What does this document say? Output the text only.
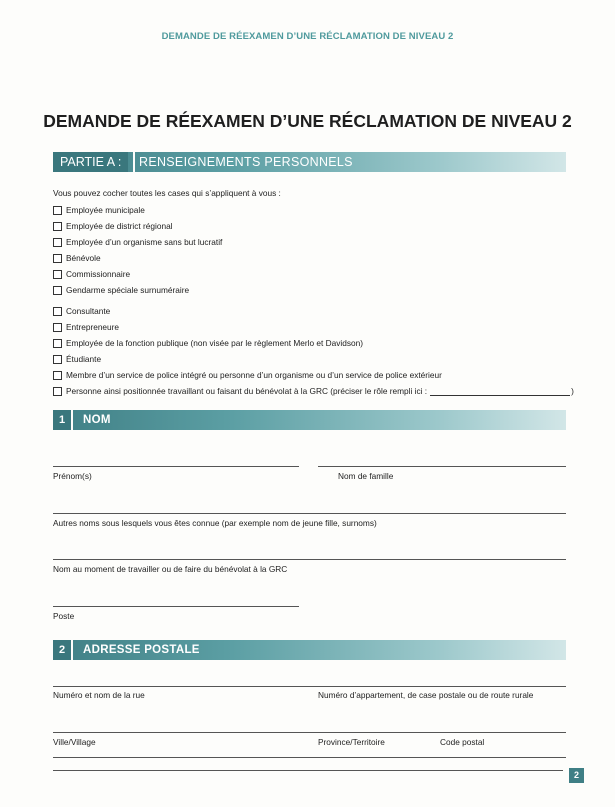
DEMANDE DE RÉEXAMEN D’UNE RÉCLAMATION DE NIVEAU 2
DEMANDE DE RÉEXAMEN D’UNE RÉCLAMATION DE NIVEAU 2
PARTIE A :	RENSEIGNEMENTS PERSONNELS
Vous pouvez cocher toutes les cases qui s’appliquent à vous :
Employée municipale
Employée de district régional
Employée d’un organisme sans but lucratif
Bénévole
Commissionnaire
Gendarme spéciale surnuméraire
Consultante
Entrepreneure
Employée de la fonction publique (non visée par le règlement Merlo et Davidson)
Étudiante
Membre d’un service de police intégré ou personne d’un organisme ou d’un service de police extérieur
Personne ainsi positionnée travaillant ou faisant du bénévolat à la GRC (préciser le rôle rempli ici :	)
1	NOM
Prénom(s)	Nom de famille
Autres noms sous lesquels vous êtes connue (par exemple nom de jeune fille, surnoms)
Nom au moment de travailler ou de faire du bénévolat à la GRC
Poste
2	ADRESSE POSTALE
Numéro et nom de la rue	Numéro d’appartement, de case postale ou de route rurale
Ville/Village	Province/Territoire	Code postal
2
